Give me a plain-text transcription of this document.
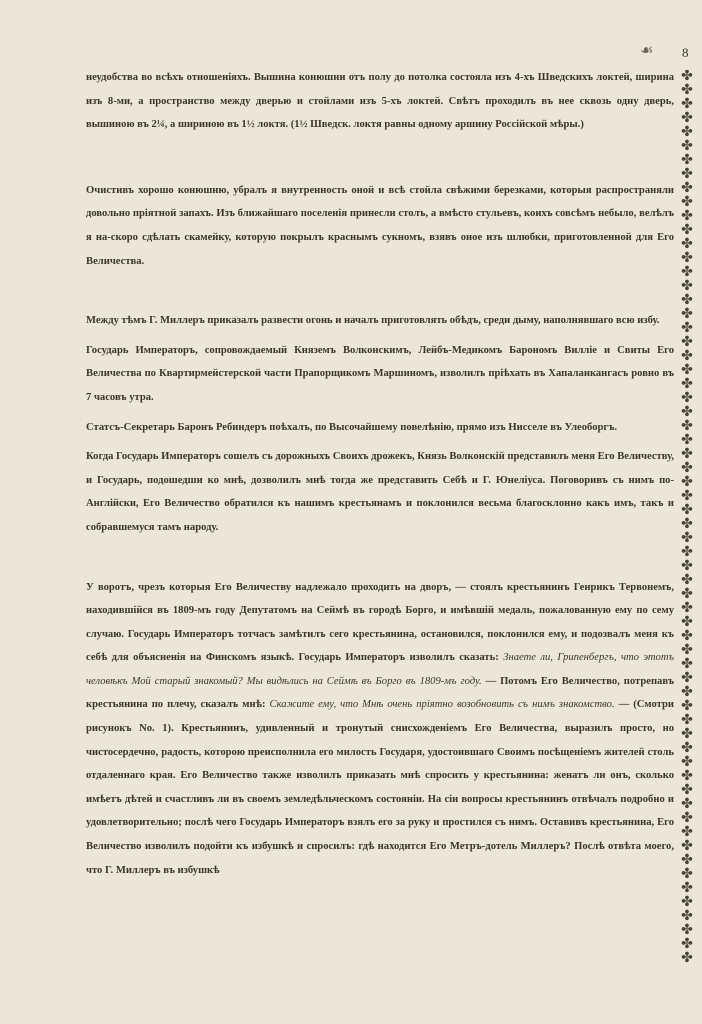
☙ 8
✤
✤
✤
✤
✤
✤
✤
✤
✤
✤
✤
✤
✤
✤
✤
✤
✤
✤
✤
✤
✤
✤
✤
✤
✤
✤
✤
✤
✤
✤
✤
✤
✤
✤
✤
✤
✤
✤
✤
✤
✤
✤
✤
✤
✤
✤
✤
✤
✤
✤
✤
✤
✤
✤
✤
✤
✤
✤
✤
✤
✤
✤
✤
✤

неудобства во всѣхъ отношеніяхъ. Вышина конюшни отъ полу до потолка состояла изъ 4-хъ Шведскихъ локтей, ширина изъ 8-ми, а пространство между дверью и стойлами изъ 5-хъ локтей. Свѣтъ проходилъ въ нее сквозь одну дверь, вышиною въ 2¼, а шириною въ 1½ локтя. (1½ Шведск. локтя равны одному аршину Россійской мѣры.)

Очистивъ хорошо конюшню, убралъ я внутренность оной и всѣ стойла свѣжими березками, которыя распространяли довольно пріятной запахъ. Изъ ближайшаго поселенія принесли столъ, а вмѣсто стульевъ, коихъ совсѣмъ небыло, велѣлъ я на-скоро сдѣлать скамейку, которую покрылъ краснымъ сукномъ, взявъ оное изъ шлюбки, приготовленной для Его Величества.

Между тѣмъ Г. Миллеръ приказалъ развести огонь и началъ приготовлять обѣдъ, среди дыму, наполнявшаго всю избу.

Государь Императоръ, сопровождаемый Княземъ Волконскимъ, Лейбъ-Медикомъ Барономъ Вилліе и Свиты Его Величества по Квартирмейстерской части Прапорщикомъ Маршиномъ, изволилъ пріѣхать въ Хапаланкангасъ ровно въ 7 часовъ утра.

Статсъ-Секретарь Баронъ Ребиндеръ поѣхалъ, по Высочайшему повелѣнію, прямо изъ Нисселе въ Улеоборгъ.

Когда Государь Императоръ сошелъ съ дорожныхъ Своихъ дрожекъ, Князь Волконскій представилъ меня Его Величеству, и Государь, подошедши ко мнѣ, дозволилъ мнѣ тогда же представить Себѣ и Г. Юнеліуса. Поговоривъ съ нимъ по-Англійски, Его Величество обратился къ нашимъ крестьянамъ и поклонился весьма благосклонно какъ имъ, такъ и собравшемуся тамъ народу.

У воротъ, чрезъ которыя Его Величеству надлежало проходить на дворъ, — стоялъ крестьянинъ Генрикъ Тервонемъ, находившійся въ 1809-мъ году Депутатомъ на Сеймѣ въ городѣ Борго, и имѣвшій медаль, пожалованную ему по сему случаю. Государь Императоръ тотчасъ замѣтилъ сего крестьянина, остановился, поклонился ему, и подозвалъ меня къ себѣ для объясненія на Финскомъ языкѣ. Государь Императоръ изволилъ сказать: Знаете ли, Грипенбергъ, что этотъ человѣкъ Мой старый знакомый? Мы видѣлись на Сеймѣ въ Борго въ 1809-мъ году. — Потомъ Его Величество, потрепавъ крестьянина по плечу, сказалъ мнѣ: Скажите ему, что Мнѣ очень пріятно возобновить съ нимъ знакомство. — (Смотри рисунокъ No. 1). Крестьянинъ, удивленный и тронутый снисхожденіемъ Его Величества, выразилъ просто, но чистосердечно, радость, которою преисполнила его милость Государя, удостоившаго Своимъ посѣщеніемъ жителей столь отдаленнаго края. Его Величество также изволилъ приказать мнѣ спросить у крестьянина: женатъ ли онъ, сколько имѣетъ дѣтей и счастливъ ли въ своемъ земледѣльческомъ состояніи. На сіи вопросы крестьянинъ отвѣчалъ подробно и удовлетворительно; послѣ чего Государь Императоръ взялъ его за руку и простился съ нимъ. Оставивъ крестьянина, Его Величество изволилъ подойти къ избушкѣ и спросилъ: гдѣ находится Его Метръ-дотель Миллеръ? Послѣ отвѣта моего, что Г. Миллеръ въ избушкѣ
